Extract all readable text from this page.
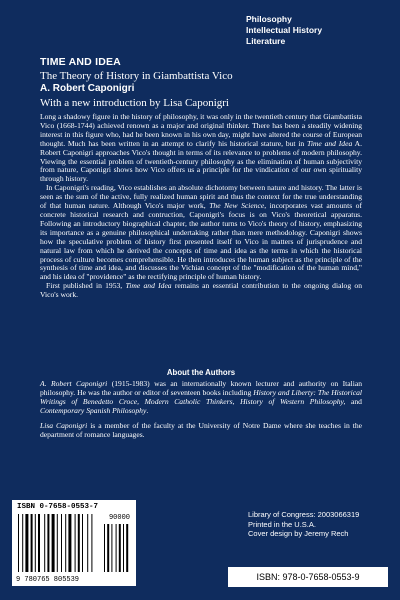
Philosophy
Intellectual History
Literature
TIME AND IDEA
The Theory of History in Giambattista Vico
A. Robert Caponigri
With a new introduction by Lisa Caponigri

Long a shadowy figure in the history of philosophy, it was only in the twentieth century that Giambattista Vico (1668-1744) achieved renown as a major and original thinker. There has been a steadily widening interest in this figure who, had he been known in his own day, might have altered the course of European thought. Much has been written in an attempt to clarify his historical stature, but in Time and Idea A. Robert Caponigri approaches Vico's thought in terms of its relevance to problems of modern philosophy. Viewing the essential problem of twentieth-century philosophy as the elimination of human subjectivity from nature, Caponigri shows how Vico offers us a principle for the vindication of our own spirituality through history.

In Caponigri's reading, Vico establishes an absolute dichotomy between nature and history. The latter is seen as the sum of the active, fully realized human spirit and thus the context for the true understanding of that human nature. Although Vico's major work, The New Science, incorporates vast amounts of concrete historical research and contruction, Caponigri's focus is on Vico's theoretical apparatus. Following an introductory biographical chapter, the author turns to Vico's theory of history, emphasizing its importance as a genuine philosophical undertaking rather than mere methodology. Caponigri shows how the speculative problem of history first presented itself to Vico in matters of jurisprudence and natural law from which he derived the concepts of time and idea as the terms in which the historical process of culture becomes comprehensible. He then introduces the human subject as the principle of the synthesis of time and idea, and discusses the Vichian concept of the "modification of the human mind," and his idea of "providence" as the rectifying principle of human history.

First published in 1953, Time and Idea remains an essential contribution to the ongoing dialog on Vico's work.

About the Authors

A. Robert Caponigri (1915-1983) was an internationally known lecturer and authority on Italian philosophy. He was the author or editor of seventeen books including History and Liberty: The Historical Writings of Benedetto Croce, Modern Catholic Thinkers, History of Western Philosophy, and Contemporary Spanish Philosophy.

Lisa Caponigri is a member of the faculty at the University of Notre Dame where she teaches in the department of romance languages.

ISBN 0-7658-0553-7
90000
9 780765 805539
Library of Congress: 2003066319
Printed in the U.S.A.
Cover design by Jeremy Rech
ISBN: 978-0-7658-0553-9
